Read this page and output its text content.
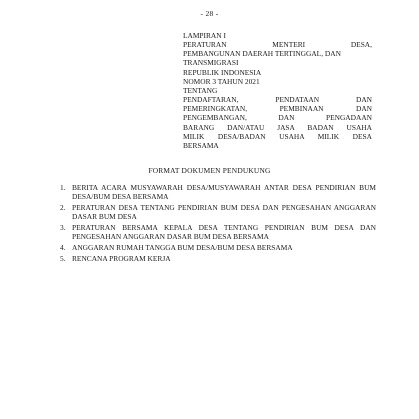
- 28 -
LAMPIRAN I
PERATURAN MENTERI DESA,
PEMBANGUNAN DAERAH TERTINGGAL, DAN
TRANSMIGRASI
REPUBLIK INDONESIA
NOMOR 3 TAHUN 2021
TENTANG
PENDAFTARAN, PENDATAAN DAN
PEMERINGKATAN, PEMBINAAN DAN
PENGEMBANGAN, DAN PENGADAAN
BARANG DAN/ATAU JASA BADAN USAHA
MILIK DESA/BADAN USAHA MILIK DESA
BERSAMA
FORMAT DOKUMEN PENDUKUNG
1. BERITA ACARA MUSYAWARAH DESA/MUSYAWARAH ANTAR DESA PENDIRIAN BUM DESA/BUM DESA BERSAMA
2. PERATURAN DESA TENTANG PENDIRIAN BUM DESA DAN PENGESAHAN ANGGARAN DASAR BUM DESA
3. PERATURAN BERSAMA KEPALA DESA TENTANG PENDIRIAN BUM DESA DAN PENGESAHAN ANGGARAN DASAR BUM DESA BERSAMA
4. ANGGARAN RUMAH TANGGA BUM DESA/BUM DESA BERSAMA
5. RENCANA PROGRAM KERJA
